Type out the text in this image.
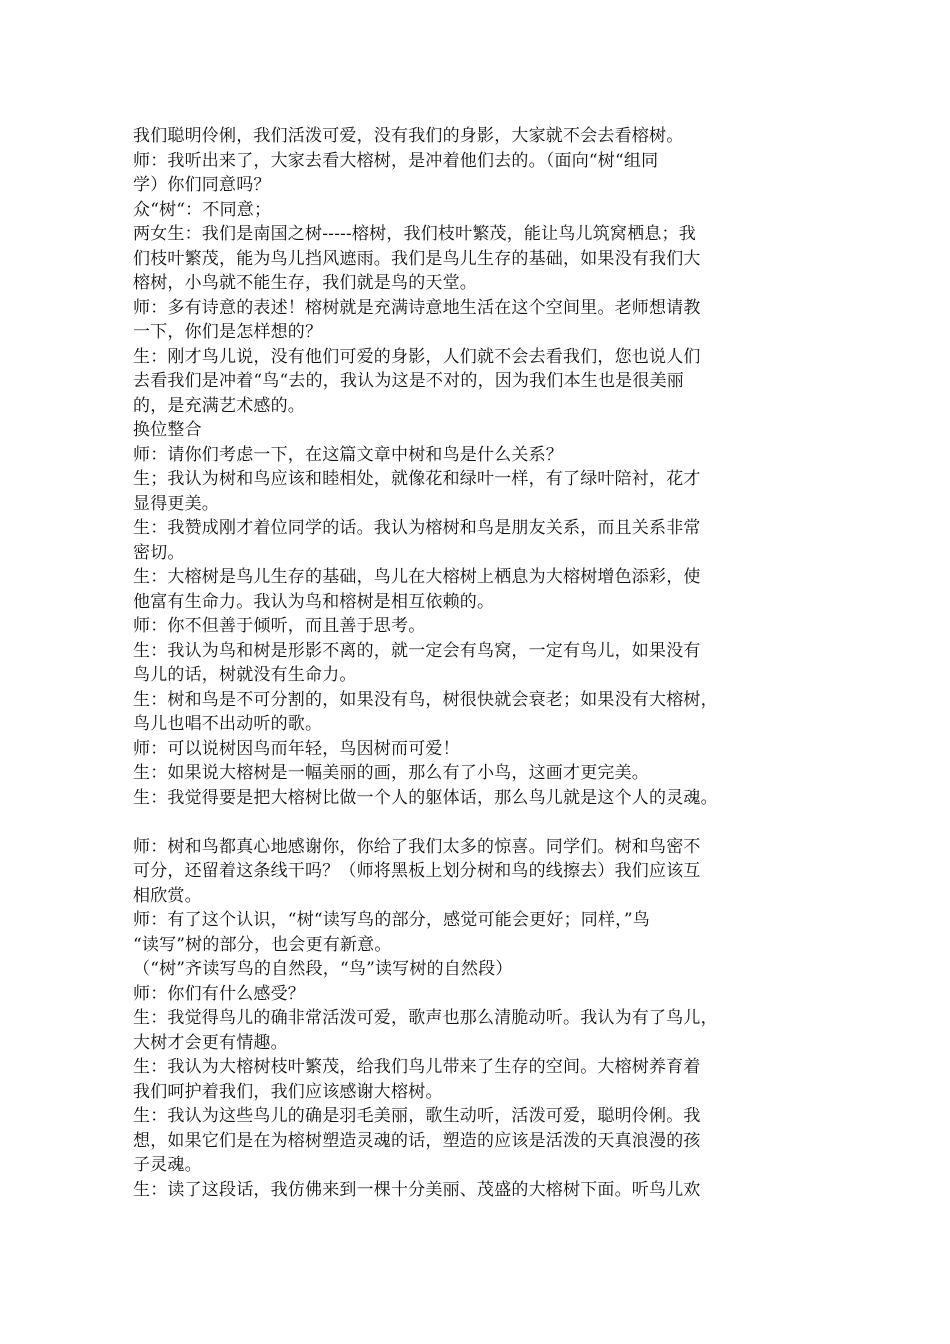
我们聪明伶俐，我们活泼可爱，没有我们的身影，大家就不会去看榕树。
师：我听出来了，大家去看大榕树，是冲着他们去的。（面向“树“组同
学）你们同意吗？
众“树“：不同意；
两女生：我们是南国之树-----榕树，我们枝叶繁茂，能让鸟儿筑窝栖息；我
们枝叶繁茂，能为鸟儿挡风遮雨。我们是鸟儿生存的基础，如果没有我们大
榕树，小鸟就不能生存，我们就是鸟的天堂。
师：多有诗意的表述！榕树就是充满诗意地生活在这个空间里。老师想请教
一下，你们是怎样想的？
生：刚才鸟儿说，没有他们可爱的身影，人们就不会去看我们，您也说人们
去看我们是冲着“鸟“去的，我认为这是不对的，因为我们本生也是很美丽
的，是充满艺术感的。
换位整合
师：请你们考虑一下，在这篇文章中树和鸟是什么关系？
生；我认为树和鸟应该和睦相处，就像花和绿叶一样，有了绿叶陪衬，花才
显得更美。
生：我赞成刚才着位同学的话。我认为榕树和鸟是朋友关系，而且关系非常
密切。
生：大榕树是鸟儿生存的基础，鸟儿在大榕树上栖息为大榕树增色添彩，使
他富有生命力。我认为鸟和榕树是相互依赖的。
师：你不但善于倾听，而且善于思考。
生：我认为鸟和树是形影不离的，就一定会有鸟窝，一定有鸟儿，如果没有
鸟儿的话，树就没有生命力。
生：树和鸟是不可分割的，如果没有鸟，树很快就会衰老；如果没有大榕树，
鸟儿也唱不出动听的歌。
师：可以说树因鸟而年轻，鸟因树而可爱！
生：如果说大榕树是一幅美丽的画，那么有了小鸟，这画才更完美。
生：我觉得要是把大榕树比做一个人的躯体话，那么鸟儿就是这个人的灵魂。
师：树和鸟都真心地感谢你，你给了我们太多的惊喜。同学们。树和鸟密不
可分，还留着这条线干吗？（师将黑板上划分树和鸟的线擦去）我们应该互
相欣赏。
师：有了这个认识，“树“读写鸟的部分，感觉可能会更好；同样，”鸟
“读写”树的部分，也会更有新意。
（“树”齐读写鸟的自然段，“鸟”读写树的自然段）
师：你们有什么感受？
生：我觉得鸟儿的确非常活泼可爱，歌声也那么清脆动听。我认为有了鸟儿，
大树才会更有情趣。
生：我认为大榕树枝叶繁茂，给我们鸟儿带来了生存的空间。大榕树养育着
我们呵护着我们，我们应该感谢大榕树。
生：我认为这些鸟儿的确是羽毛美丽，歌生动听，活泼可爱，聪明伶俐。我
想，如果它们是在为榕树塑造灵魂的话，塑造的应该是活泼的天真浪漫的孩
子灵魂。
生：读了这段话，我仿佛来到一棵十分美丽、茂盛的大榕树下面。听鸟儿欢
